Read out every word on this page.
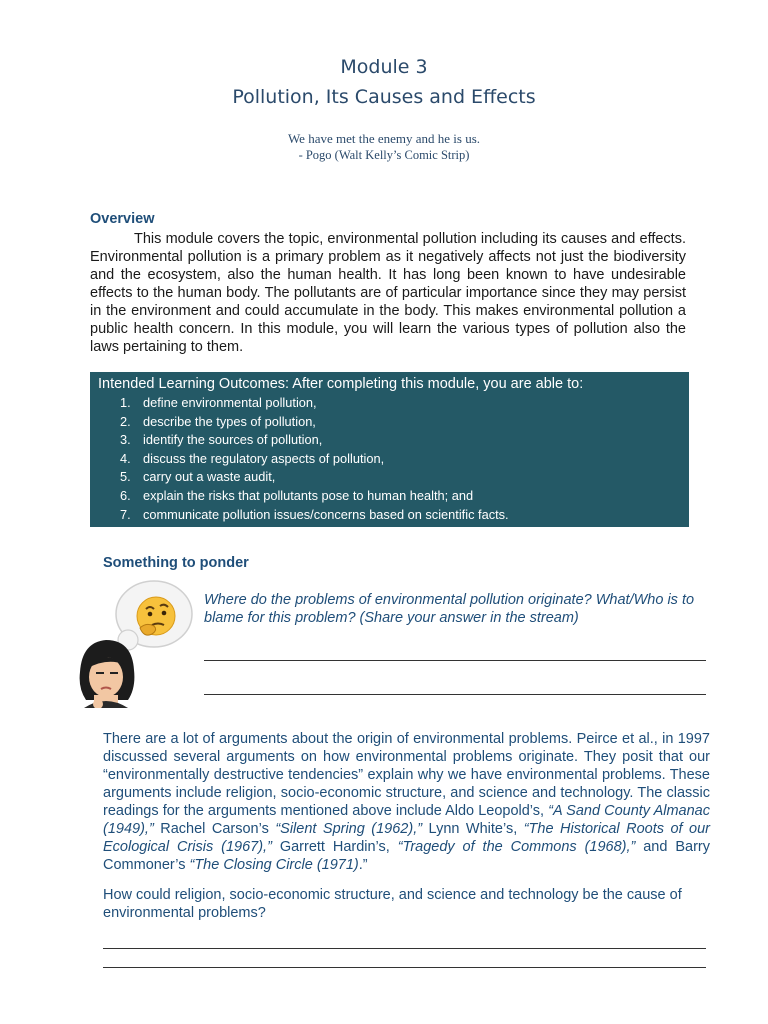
Module 3
Pollution, Its Causes and Effects
We have met the enemy and he is us.
- Pogo (Walt Kelly’s Comic Strip)
Overview

This module covers the topic, environmental pollution including its causes and effects. Environmental pollution is a primary problem as it negatively affects not just the biodiversity and the ecosystem, also the human health. It has long been known to have undesirable effects to the human body. The pollutants are of particular importance since they may persist in the environment and could accumulate in the body. This makes environmental pollution a public health concern. In this module, you will learn the various types of pollution also the laws pertaining to them.

Intended Learning Outcomes: After completing this module, you are able to:

1. define environmental pollution,
2. describe the types of pollution,
3. identify the sources of pollution,
4. discuss the regulatory aspects of pollution,
5. carry out a waste audit,
6. explain the risks that pollutants pose to human health; and
7. communicate pollution issues/concerns based on scientific facts.
Something to ponder

Where do the problems of environmental pollution originate? What/Who is to blame for this problem? (Share your answer in the stream)

There are a lot of arguments about the origin of environmental problems. Peirce et al., in 1997 discussed several arguments on how environmental problems originate. They posit that our “environmentally destructive tendencies” explain why we have environmental problems. These arguments include religion, socio-economic structure, and science and technology. The classic readings for the arguments mentioned above include Aldo Leopold’s, “A Sand County Almanac (1949),” Rachel Carson’s “Silent Spring (1962),” Lynn White’s, “The Historical Roots of our Ecological Crisis (1967),” Garrett Hardin’s, “Tragedy of the Commons (1968),” and Barry Commoner’s “The Closing Circle (1971).”

How could religion, socio-economic structure, and science and technology be the cause of environmental problems?
